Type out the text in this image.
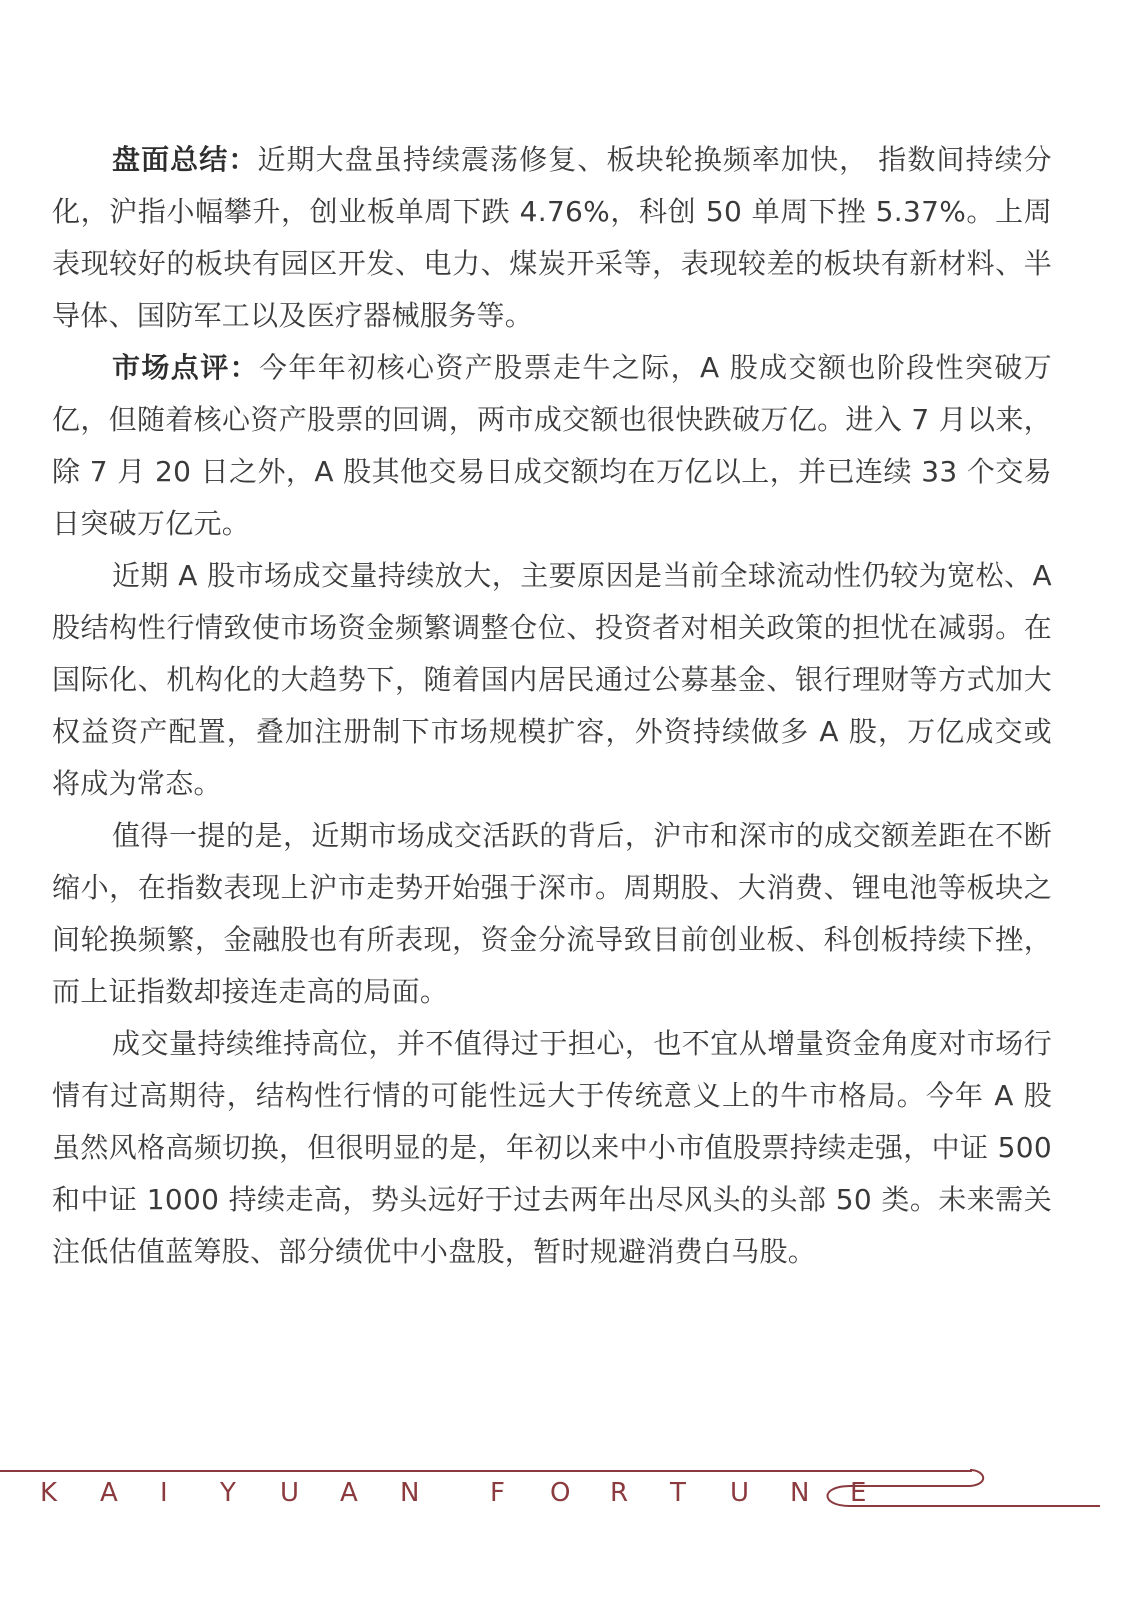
盘面总结：近期大盘虽持续震荡修复、板块轮换频率加快， 指数间持续分化，沪指小幅攀升，创业板单周下跌 4.76%，科创 50 单周下挫 5.37%。上周表现较好的板块有园区开发、电力、煤炭开采等，表现较差的板块有新材料、半导体、国防军工以及医疗器械服务等。

市场点评：今年年初核心资产股票走牛之际，A 股成交额也阶段性突破万亿，但随着核心资产股票的回调，两市成交额也很快跌破万亿。进入 7 月以来，除 7 月 20 日之外，A 股其他交易日成交额均在万亿以上，并已连续 33 个交易日突破万亿元。

近期 A 股市场成交量持续放大，主要原因是当前全球流动性仍较为宽松、A 股结构性行情致使市场资金频繁调整仓位、投资者对相关政策的担忧在减弱。在国际化、机构化的大趋势下，随着国内居民通过公募基金、银行理财等方式加大权益资产配置，叠加注册制下市场规模扩容，外资持续做多 A 股，万亿成交或将成为常态。

值得一提的是，近期市场成交活跃的背后，沪市和深市的成交额差距在不断缩小，在指数表现上沪市走势开始强于深市。周期股、大消费、锂电池等板块之间轮换频繁，金融股也有所表现，资金分流导致目前创业板、科创板持续下挫，而上证指数却接连走高的局面。

成交量持续维持高位，并不值得过于担心，也不宜从增量资金角度对市场行情有过高期待，结构性行情的可能性远大于传统意义上的牛市格局。今年 A 股虽然风格高频切换，但很明显的是，年初以来中小市值股票持续走强，中证 500 和中证 1000 持续走高，势头远好于过去两年出尽风头的头部 50 类。未来需关注低估值蓝筹股、部分绩优中小盘股，暂时规避消费白马股。

K	A	I	Y	U	A	N	F	O	R	T	U	N	E
